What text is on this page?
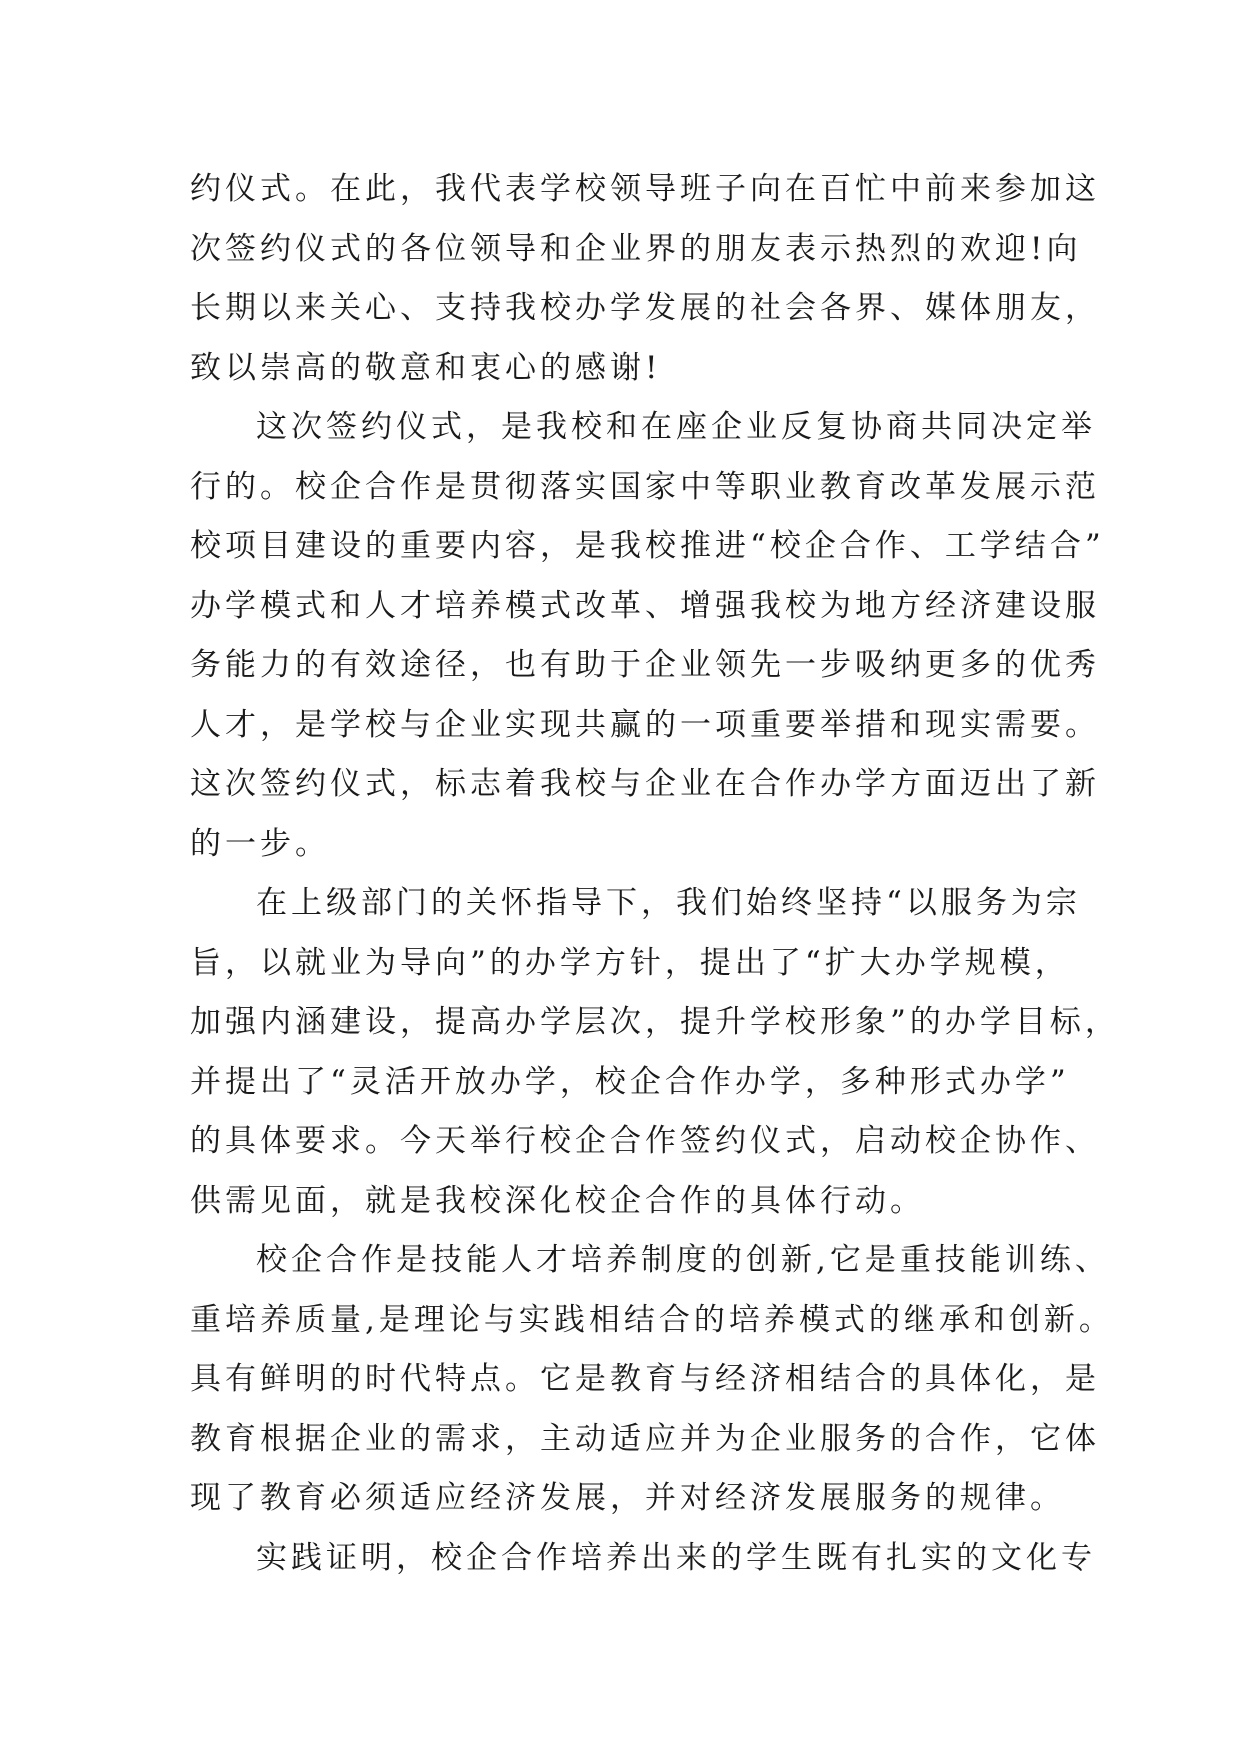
约仪式。在此，我代表学校领导班子向在百忙中前来参加这
次签约仪式的各位领导和企业界的朋友表示热烈的欢迎!向
长期以来关心、支持我校办学发展的社会各界、媒体朋友，
致以崇高的敬意和衷心的感谢!
这次签约仪式，是我校和在座企业反复协商共同决定举
行的。校企合作是贯彻落实国家中等职业教育改革发展示范
校项目建设的重要内容，是我校推进“校企合作、工学结合”
办学模式和人才培养模式改革、增强我校为地方经济建设服
务能力的有效途径，也有助于企业领先一步吸纳更多的优秀
人才，是学校与企业实现共赢的一项重要举措和现实需要。
这次签约仪式，标志着我校与企业在合作办学方面迈出了新
的一步。
在上级部门的关怀指导下，我们始终坚持“以服务为宗
旨，以就业为导向”的办学方针，提出了“扩大办学规模，
加强内涵建设，提高办学层次，提升学校形象”的办学目标，
并提出了“灵活开放办学，校企合作办学，多种形式办学”
的具体要求。今天举行校企合作签约仪式，启动校企协作、
供需见面，就是我校深化校企合作的具体行动。
校企合作是技能人才培养制度的创新,它是重技能训练、
重培养质量,是理论与实践相结合的培养模式的继承和创新。
具有鲜明的时代特点。它是教育与经济相结合的具体化，是
教育根据企业的需求，主动适应并为企业服务的合作，它体
现了教育必须适应经济发展，并对经济发展服务的规律。
实践证明，校企合作培养出来的学生既有扎实的文化专
